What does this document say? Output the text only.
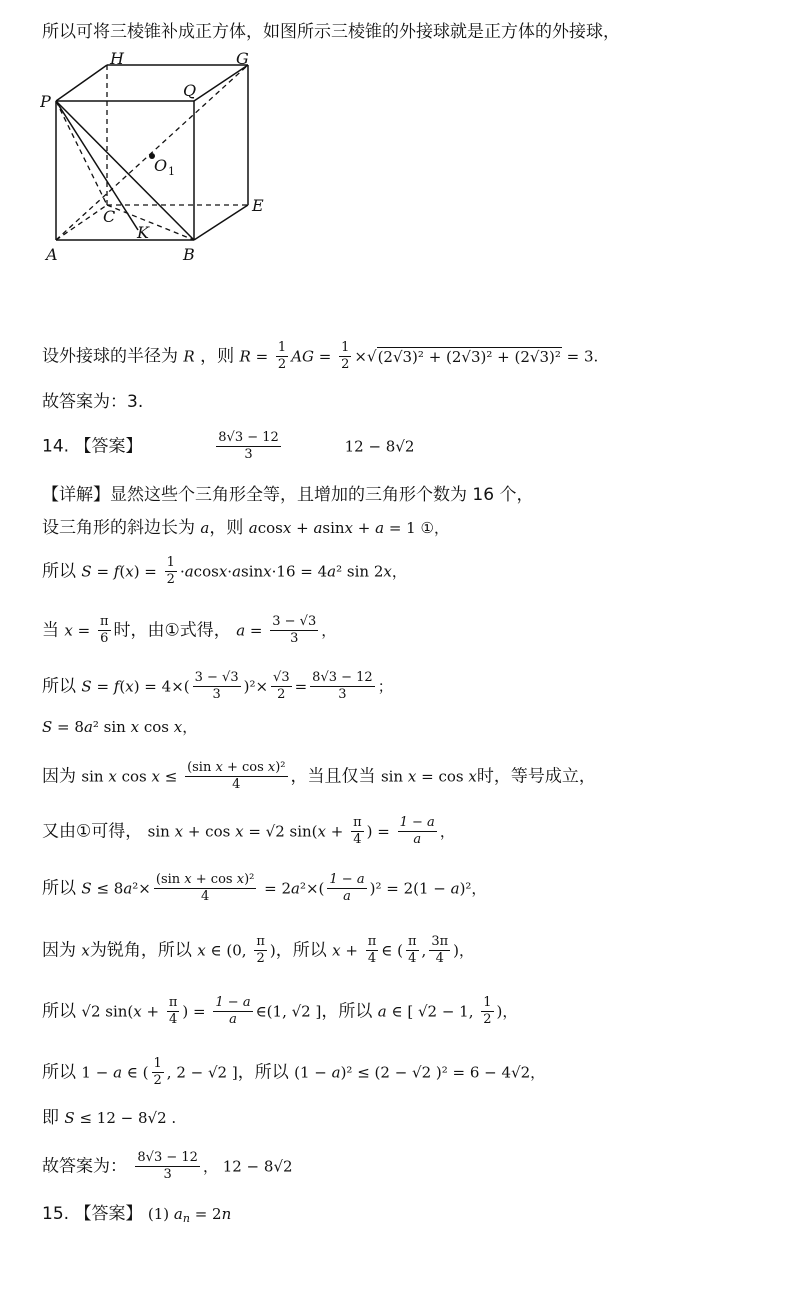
所以可将三棱锥补成正方体，如图所示三棱锥的外接球就是正方体的外接球，
P
H	G
Q
O 1
E
C
K
A	B
设外接球的半径为 R ，则 $R = \frac{1}{2}$ AG = $\frac{1}{2} \times√(2√3)^2 + (2√3)^2 + (2√3)^2 = 3$.
故答案为：3.
14. 【答案】	$\frac{8√3 - 12}{3}$	12 − 8√2
【详解】显然这些个三角形全等，且增加的三角形个数为 16 个，
设三角形的斜边长为 a，则 acosx + asinx + a = 1 ①，
所以 $S = f(x) = \frac{1}{2} \cdot acosx\cdot asinx\cdot 16 = 4a^2$ sin 2x，
当 $x = \frac{\pi}{6}$ 时，由①式得， $a = \frac{3 - √3}{3}$ ，
所以 $S = f(x) = 4\times( \frac{3 - √3}{3} )^2\times \frac{√3}{2} = \frac{8√3 - 12}{3}$ ；
S = 8a² sin x cos x，
因为 sin x $\cos x \le \frac{\text{(sin x + cos x)²}}{4}$ ，当且仅当 sin x = cos x时，等号成立，
又由①可得， sin x + cos x = √2 $\sin(x + \frac{\pi}{4}$ ) = $\frac{1 - a}{a}$ ，
所以 $S \le 8a^2\times \frac{\text{(sin x + cos x)²}}{4} = 2a^2\times( \frac{1 - a}{a} )^2 = 2(1 - a)^2$，
因为 x为锐角，所以 x ∈ (0, $\frac{\pi}{2}$ )，所以 $x + \frac{\pi}{4}$ ∈ ( $\frac{\pi}{4}$ , $\frac{3\pi}{4}$ )，
所以 √2 $\sin(x + \frac{\pi}{4}$ ) = $\frac{1 - a}{a}$ ∈(1, √2 ]，所以 a ∈ [ √2 − 1, $\frac{1}{2}$ )，
所以 1 − a ∈ ( $\frac{1}{2}$ , 2 − √2 ]，所以 (1 − a)² ≤ (2 − √2 )² = 6 − 4√2，
即 S ≤ 12 − 8√2 .
故答案为： $\frac{8√3 - 12}{3}$ ， 12 − 8√2
15. 【答案】 (1) an = 2n
